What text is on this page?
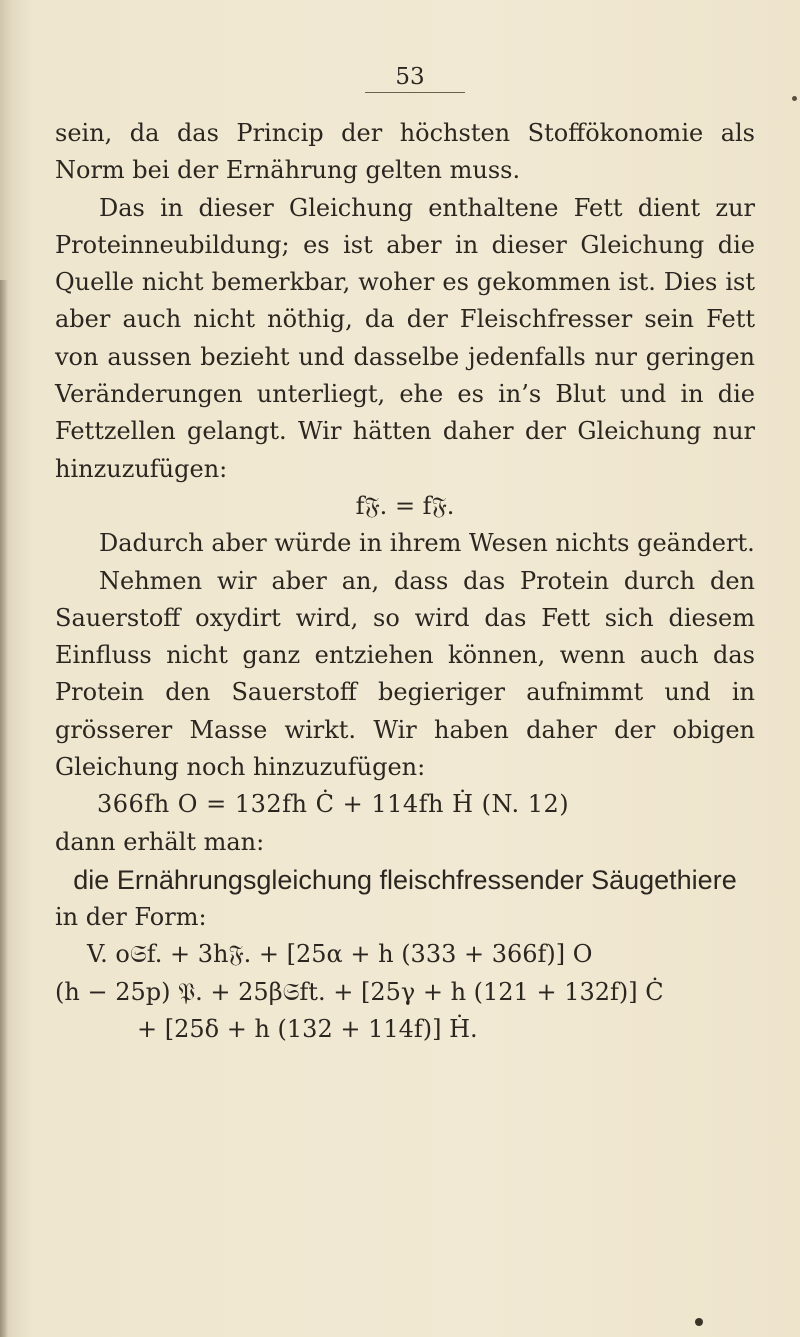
53

sein, da das Princip der höchsten Stoffökonomie als Norm bei der Ernährung gelten muss.

Das in dieser Gleichung enthaltene Fett dient zur Proteinneubildung; es ist aber in dieser Gleichung die Quelle nicht bemerkbar, woher es gekommen ist. Dies ist aber auch nicht nöthig, da der Fleischfresser sein Fett von aussen bezieht und dasselbe jedenfalls nur geringen Veränderungen unterliegt, ehe es in’s Blut und in die Fettzellen gelangt. Wir hätten daher der Gleichung nur hinzuzufügen:

f𝔉. = f𝔉.

Dadurch aber würde in ihrem Wesen nichts geändert.

Nehmen wir aber an, dass das Protein durch den Sauerstoff oxydirt wird, so wird das Fett sich diesem Einfluss nicht ganz entziehen können, wenn auch das Protein den Sauerstoff begieriger aufnimmt und in grösserer Masse wirkt. Wir haben daher der obigen Gleichung noch hinzuzufügen:

366fh O = 132fh Ċ + 114fh Ḣ (N. 12)

dann erhält man:

die Ernährungsgleichung fleischfressender Säugethiere

in der Form:

V. o𝔖f. + 3h𝔉. + [25α + h (333 + 366f)] O

(h − 25p) 𝔓. + 25β𝔖ft. + [25γ + h (121 + 132f)] Ċ

+ [25δ + h (132 + 114f)] Ḣ.
